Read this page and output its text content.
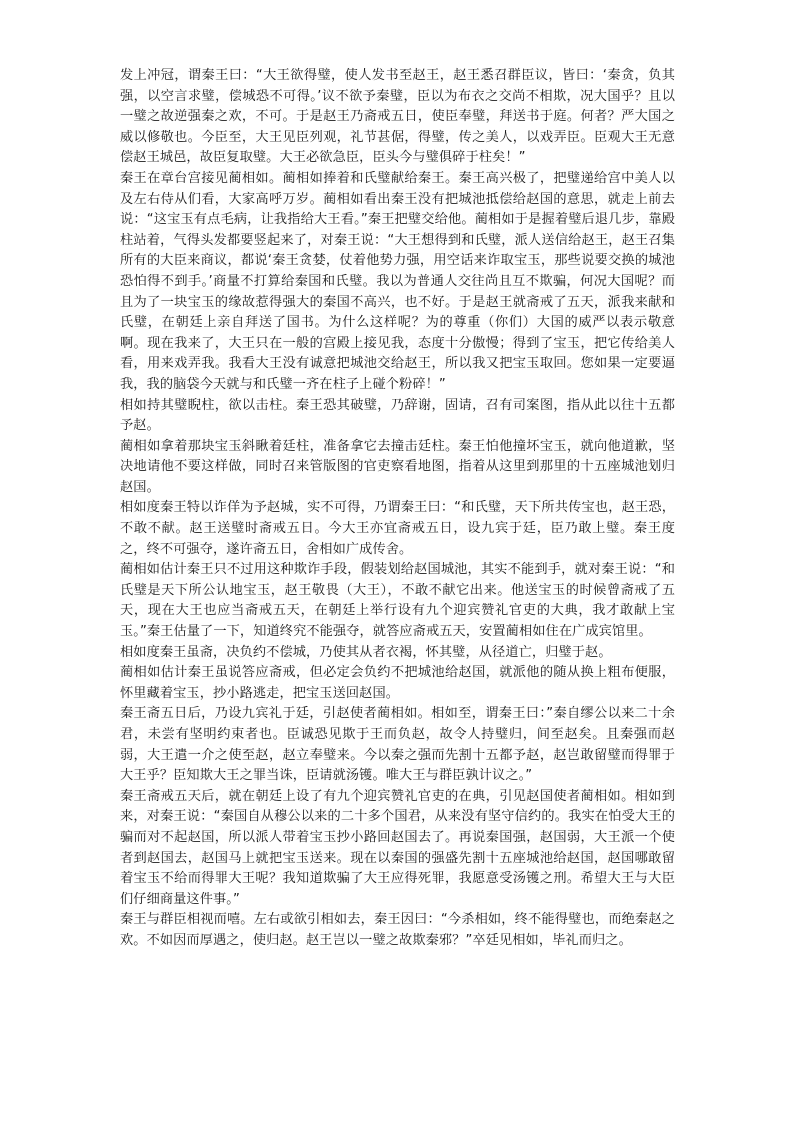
发上冲冠，谓秦王曰：“大王欲得璧，使人发书至赵王，赵王悉召群臣议，皆曰：‘秦贪，负其强，以空言求璧，偿城恐不可得。’议不欲予秦璧，臣以为布衣之交尚不相欺，况大国乎？且以一璧之故逆强秦之欢，不可。于是赵王乃斋戒五日，使臣奉璧，拜送书于庭。何者？严大国之威以修敬也。今臣至，大王见臣列观，礼节甚倨，得璧，传之美人，以戏弄臣。臣观大王无意偿赵王城邑，故臣复取璧。大王必欲急臣，臣头今与璧俱碎于柱矣！”

秦王在章台宫接见蔺相如。蔺相如捧着和氏璧献给秦王。秦王高兴极了，把璧递给宫中美人以及左右侍从们看，大家高呼万岁。蔺相如看出秦王没有把城池抵偿给赵国的意思，就走上前去说：“这宝玉有点毛病，让我指给大王看。”秦王把璧交给他。蔺相如于是握着璧后退几步，靠殿柱站着，气得头发都要竖起来了，对秦王说：“大王想得到和氏璧，派人送信给赵王，赵王召集所有的大臣来商议，都说‘秦王贪婪，仗着他势力强，用空话来诈取宝玉，那些说要交换的城池恐怕得不到手。’商量不打算给秦国和氏璧。我以为普通人交往尚且互不欺骗，何况大国呢？而且为了一块宝玉的缘故惹得强大的秦国不高兴，也不好。于是赵王就斋戒了五天，派我来献和氏璧，在朝廷上亲自拜送了国书。为什么这样呢？为的尊重（你们）大国的威严以表示敬意啊。现在我来了，大王只在一般的宫殿上接见我，态度十分傲慢；得到了宝玉，把它传给美人看，用来戏弄我。我看大王没有诚意把城池交给赵王，所以我又把宝玉取回。您如果一定要逼我，我的脑袋今天就与和氏璧一齐在柱子上碰个粉碎！”

相如持其璧睨柱，欲以击柱。秦王恐其破璧，乃辞谢，固请，召有司案图，指从此以往十五都予赵。

蔺相如拿着那块宝玉斜瞅着廷柱，准备拿它去撞击廷柱。秦王怕他撞坏宝玉，就向他道歉，坚决地请他不要这样做，同时召来管版图的官吏察看地图，指着从这里到那里的十五座城池划归赵国。

相如度秦王特以诈佯为予赵城，实不可得，乃谓秦王曰：“和氏璧，天下所共传宝也，赵王恐，不敢不献。赵王送璧时斋戒五日。今大王亦宜斋戒五日，设九宾于廷，臣乃敢上璧。秦王度之，终不可强夺，遂许斋五日，舍相如广成传舍。

蔺相如估计秦王只不过用这种欺诈手段，假装划给赵国城池，其实不能到手，就对秦王说：“和氏璧是天下所公认地宝玉，赵王敬畏（大王），不敢不献它出来。他送宝玉的时候曾斋戒了五天，现在大王也应当斋戒五天，在朝廷上举行设有九个迎宾赞礼官吏的大典，我才敢献上宝玉。”秦王估量了一下，知道终究不能强夺，就答应斋戒五天，安置蔺相如住在广成宾馆里。

相如度秦王虽斋，决负约不偿城，乃使其从者衣褐，怀其璧，从径道亡，归璧于赵。

蔺相如估计秦王虽说答应斋戒，但必定会负约不把城池给赵国，就派他的随从换上粗布便服，怀里藏着宝玉，抄小路逃走，把宝玉送回赵国。

秦王斋五日后，乃设九宾礼于廷，引赵使者蔺相如。相如至，谓秦王曰：”秦自缪公以来二十余君，未尝有坚明约束者也。臣诚恐见欺于王而负赵，故令人持璧归，间至赵矣。且秦强而赵弱，大王遣一介之使至赵，赵立奉璧来。今以秦之强而先割十五都予赵，赵岂敢留璧而得罪于大王乎？臣知欺大王之罪当诛，臣请就汤镬。唯大王与群臣孰计议之。”

秦王斋戒五天后，就在朝廷上设了有九个迎宾赞礼官吏的在典，引见赵国使者蔺相如。相如到来，对秦王说：“秦国自从穆公以来的二十多个国君，从来没有坚守信约的。我实在怕受大王的骗而对不起赵国，所以派人带着宝玉抄小路回赵国去了。再说秦国强，赵国弱，大王派一个使者到赵国去，赵国马上就把宝玉送来。现在以秦国的强盛先割十五座城池给赵国，赵国哪敢留着宝玉不给而得罪大王呢？我知道欺骗了大王应得死罪，我愿意受汤镬之刑。希望大王与大臣们仔细商量这件事。”

秦王与群臣相视而嘻。左右或欲引相如去，秦王因曰：“今杀相如，终不能得璧也，而绝秦赵之欢。不如因而厚遇之，使归赵。赵王岂以一璧之故欺秦邪？”卒廷见相如，毕礼而归之。
